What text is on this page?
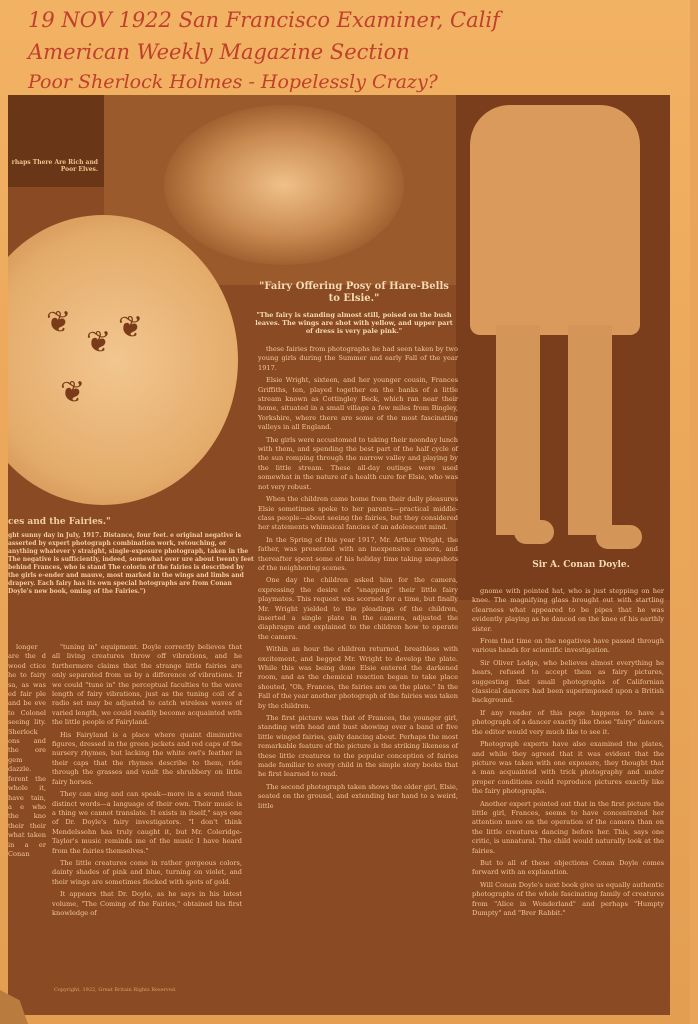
19 NOV 1922 San Francisco Examiner, Calif
American Weekly Magazine Section
Poor Sherlock Holmes - Hopelessly Crazy?
rhaps There Are Rich and Poor Elves.
Sir A. Conan Doyle.
❦
❦ ❦
❦
"Fairy Offering Posy of Hare-Bells to Elsie."
"The fairy is standing almost still, poised on the bush leaves. The wings are shot with yellow, and upper part of dress is very pale pink."
ces and the Fairies."
ght sunny day in July, 1917. Distance, four feet. e original negative is asserted by expert photograph combination work, retouching, or anything whatever y straight, single-exposure photograph, taken in the The negative is sufficiently, indeed, somewhat over ure about twenty feet behind Frances, who is stand The colorin of the fairies is described by the girls e-ender and mauve, most marked in the wings and limbs and drapery. Each fairy has its own special hotographs are from Conan Doyle's new book, oming of the Fairies.")

longer are the d wood ctice he to fairy sa, as was ed fair ple and be eve to Colonel seeing lity. Sherlock ons and the ore gem dazzle. ferent the whole it, have tain, a e who the kno their their what taken in a er Conan

"tuning in" equipment. Doyle correctly believes that all living creatures throw off vibrations, and he furthermore claims that the strange little fairies are only separated from us by a difference of vibrations. If we could "tune in" the perceptual faculties to the wave length of fairy vibrations, just as the tuning coil of a radio set may be adjusted to catch wireless waves of varied length, we could readily become acquainted with the little people of Fairyland.

His Fairyland is a place where quaint diminutive figures, dressed in the green jackets and red caps of the nursery rhymes, but lacking the white owl's feather in their caps that the rhymes describe to them, ride through the grasses and vault the shrubbery on little fairy horses.

They can sing and can speak—more in a sound than distinct words—a language of their own. Their music is a thing we cannot translate. It exists in itself," says one of Dr. Doyle's fairy investigators. "I don't think Mendelssohn has truly caught it, but Mr. Coleridge-Taylor's music reminds me of the music I have heard from the fairies themselves."

The little creatures come in rather gorgeous colors, dainty shades of pink and blue, turning on violet, and their wings are sometimes flecked with spots of gold.

It appears that Dr. Doyle, as he says in his latest volume, "The Coming of the Fairies," obtained his first knowledge of

these fairies from photographs he had seen taken by two young girls during the Summer and early Fall of the year 1917.

Elsie Wright, sixteen, and her younger cousin, Frances Griffiths, ten, played together on the banks of a little stream known as Cottingley Beck, which ran near their home, situated in a small village a few miles from Bingley, Yorkshire, where there are some of the most fascinating valleys in all England.

The girls were accustomed to taking their noonday lunch with them, and spending the best part of the half cycle of the sun romping through the narrow valley and playing by the little stream. These all-day outings were used somewhat in the nature of a health cure for Elsie, who was not very robust.

When the children came home from their daily pleasures Elsie sometimes spoke to her parents—practical middle-class people—about seeing the fairies, but they considered her statements whimsical fancies of an adolescent mind.

In the Spring of this year 1917, Mr. Arthur Wright, the father, was presented with an inexpensive camera, and thereafter spent some of his holiday time taking snapshots of the neighboring scenes.

One day the children asked him for the camera, expressing the desire of "snapping" their little fairy playmates. This request was scorned for a time, but finally Mr. Wright yielded to the pleadings of the children, inserted a single plate in the camera, adjusted the diaphragm and explained to the children how to operate the camera.

Within an hour the children returned, breathless with excitement, and begged Mr. Wright to develop the plate. While this was being done Elsie entered the darkened room, and as the chemical reaction began to take place shouted, "Oh, Frances, the fairies are on the plate." In the Fall of the year another photograph of the fairies was taken by the children.

The first picture was that of Frances, the younger girl, standing with head and bust showing over a band of five little winged fairies, gaily dancing about. Perhaps the most remarkable feature of the picture is the striking likeness of these little creatures to the popular conception of fairies made familiar to every child in the simple story books that he first learned to read.

The second photograph taken shows the older girl, Elsie, seated on the ground, and extending her hand to a weird, little

gnome with pointed hat, who is just stepping on her knee. The magnifying glass brought out with startling clearness what appeared to be pipes that he was evidently playing as he danced on the knee of his earthly sister.

From that time on the negatives have passed through various hands for scientific investigation.

Sir Oliver Lodge, who believes almost everything he hears, refused to accept them as fairy pictures, suggesting that small photographs of Californian classical dancers had been superimposed upon a British background.

If any reader of this page happens to have a photograph of a dancer exactly like those "fairy" dancers the editor would very much like to see it.

Photograph experts have also examined the plates, and while they agreed that it was evident that the picture was taken with one exposure, they thought that a man acquainted with trick photography and under proper conditions could reproduce pictures exactly like the fairy photographs.

Another expert pointed out that in the first picture the little girl, Frances, seems to have concentrated her attention more on the operation of the camera than on the little creatures dancing before her. This, says one critic, is unnatural. The child would naturally look at the fairies.

But to all of these objections Conan Doyle comes forward with an explanation.

Will Conan Doyle's next book give us equally authentic photographs of the whole fascinating family of creatures from "Alice in Wonderland" and perhaps "Humpty Dumpty" and "Brer Rabbit."

Copyright, 1922, Great Britain Rights Reserved.
